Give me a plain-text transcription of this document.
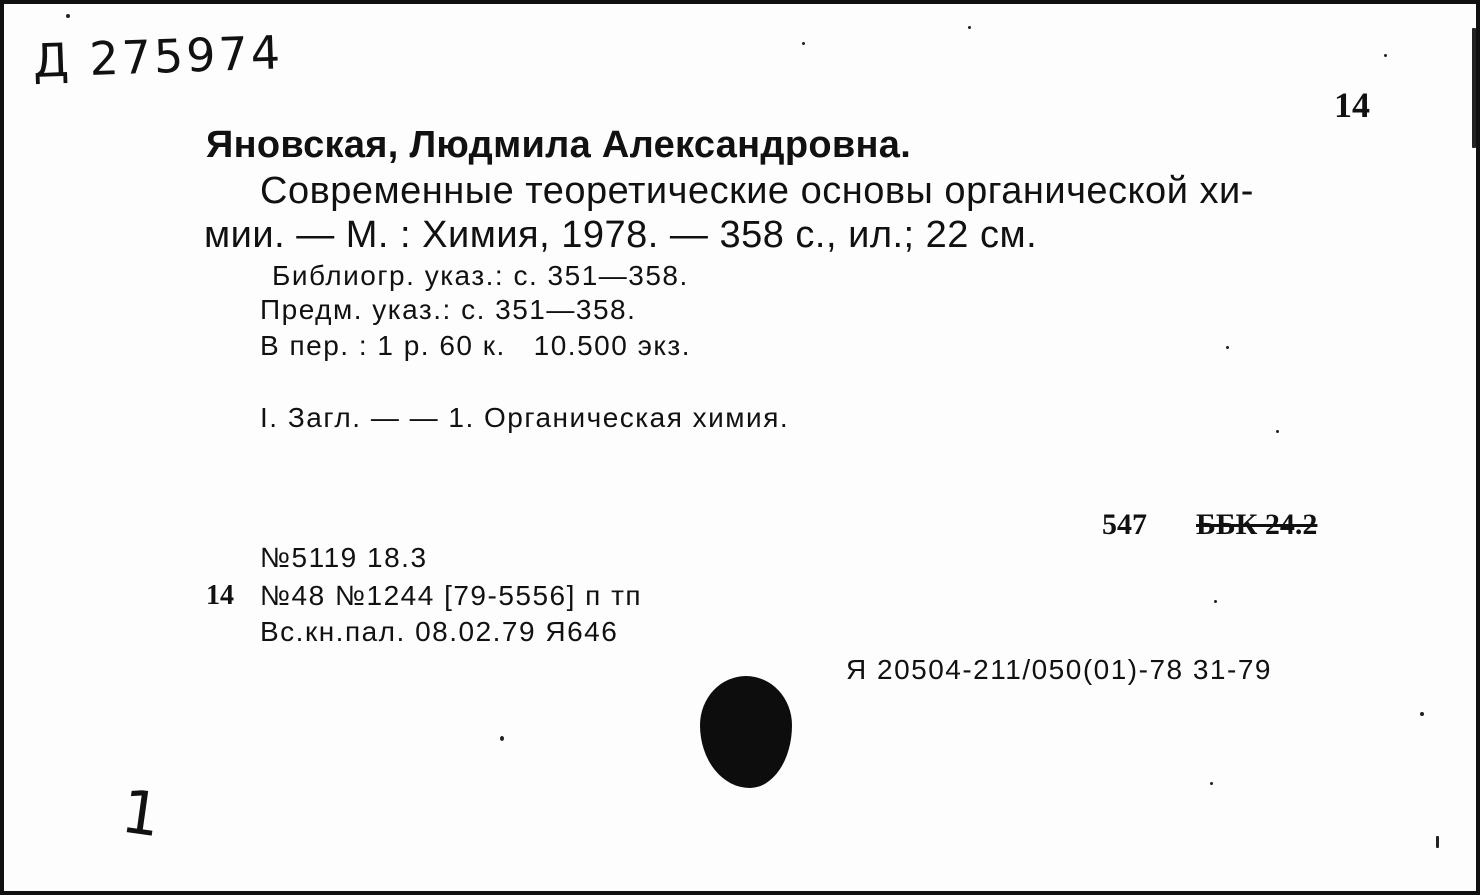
Д 275974
14
Яновская, Людмила Александровна.
Современные теоретические основы органической хи-
мии. — М. : Химия, 1978. — 358 с., ил.; 22 см.
Библиогр. указ.: с. 351—358.
Предм. указ.: с. 351—358.
В пер. : 1 р. 60 к.   10.500 экз.
I. Загл. — — 1. Органическая химия.
547 ББК 24.2
№5119 18.3
14 №48 №1244 [79-5556] п тп
Вс.кн.пал. 08.02.79 Я646
Я 20504-211/050(01)-78 31-79
1
